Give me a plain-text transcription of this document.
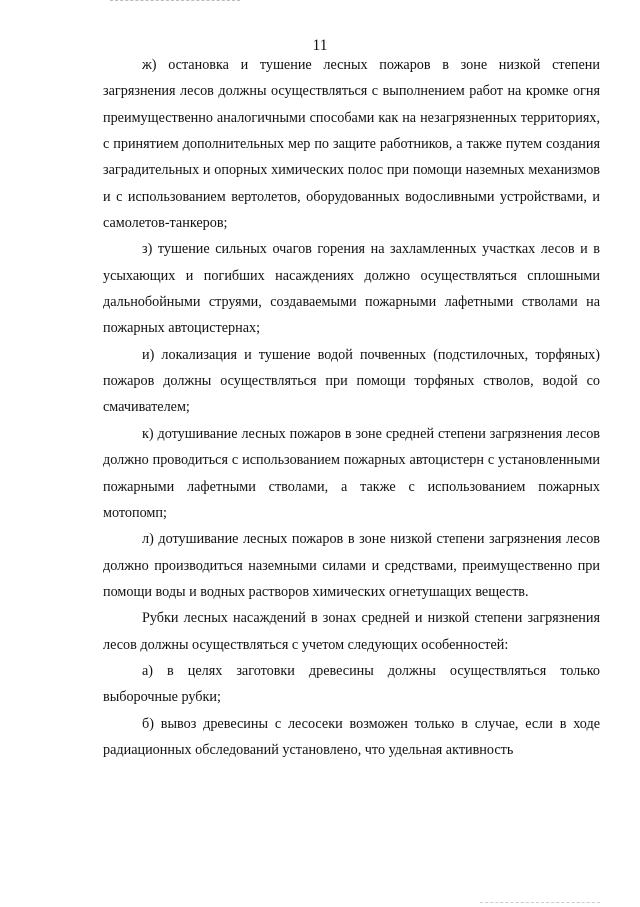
11

ж) остановка и тушение лесных пожаров в зоне низкой степени загрязнения лесов должны осуществляться с выполнением работ на кромке огня преимущественно аналогичными способами как на незагрязненных территориях, с принятием дополнительных мер по защите работников, а также путем создания заградительных и опорных химических полос при помощи наземных механизмов и с использованием вертолетов, оборудованных водосливными устройствами, и самолетов-танкеров;

з) тушение сильных очагов горения на захламленных участках лесов и в усыхающих и погибших насаждениях должно осуществляться сплошными дальнобойными струями, создаваемыми пожарными лафетными стволами на пожарных автоцистернах;

и) локализация и тушение водой почвенных (подстилочных, торфяных) пожаров должны осуществляться при помощи торфяных стволов, водой со смачивателем;

к) дотушивание лесных пожаров в зоне средней степени загрязнения лесов должно проводиться с использованием пожарных автоцистерн с установленными пожарными лафетными стволами, а также с использованием пожарных мотопомп;

л) дотушивание лесных пожаров в зоне низкой степени загрязнения лесов должно производиться наземными силами и средствами, преимущественно при помощи воды и водных растворов химических огнетушащих веществ.

Рубки лесных насаждений в зонах средней и низкой степени загрязнения лесов должны осуществляться с учетом следующих особенностей:

а) в целях заготовки древесины должны осуществляться только выборочные рубки;

б) вывоз древесины с лесосеки возможен только в случае, если в ходе радиационных обследований установлено, что удельная активность
